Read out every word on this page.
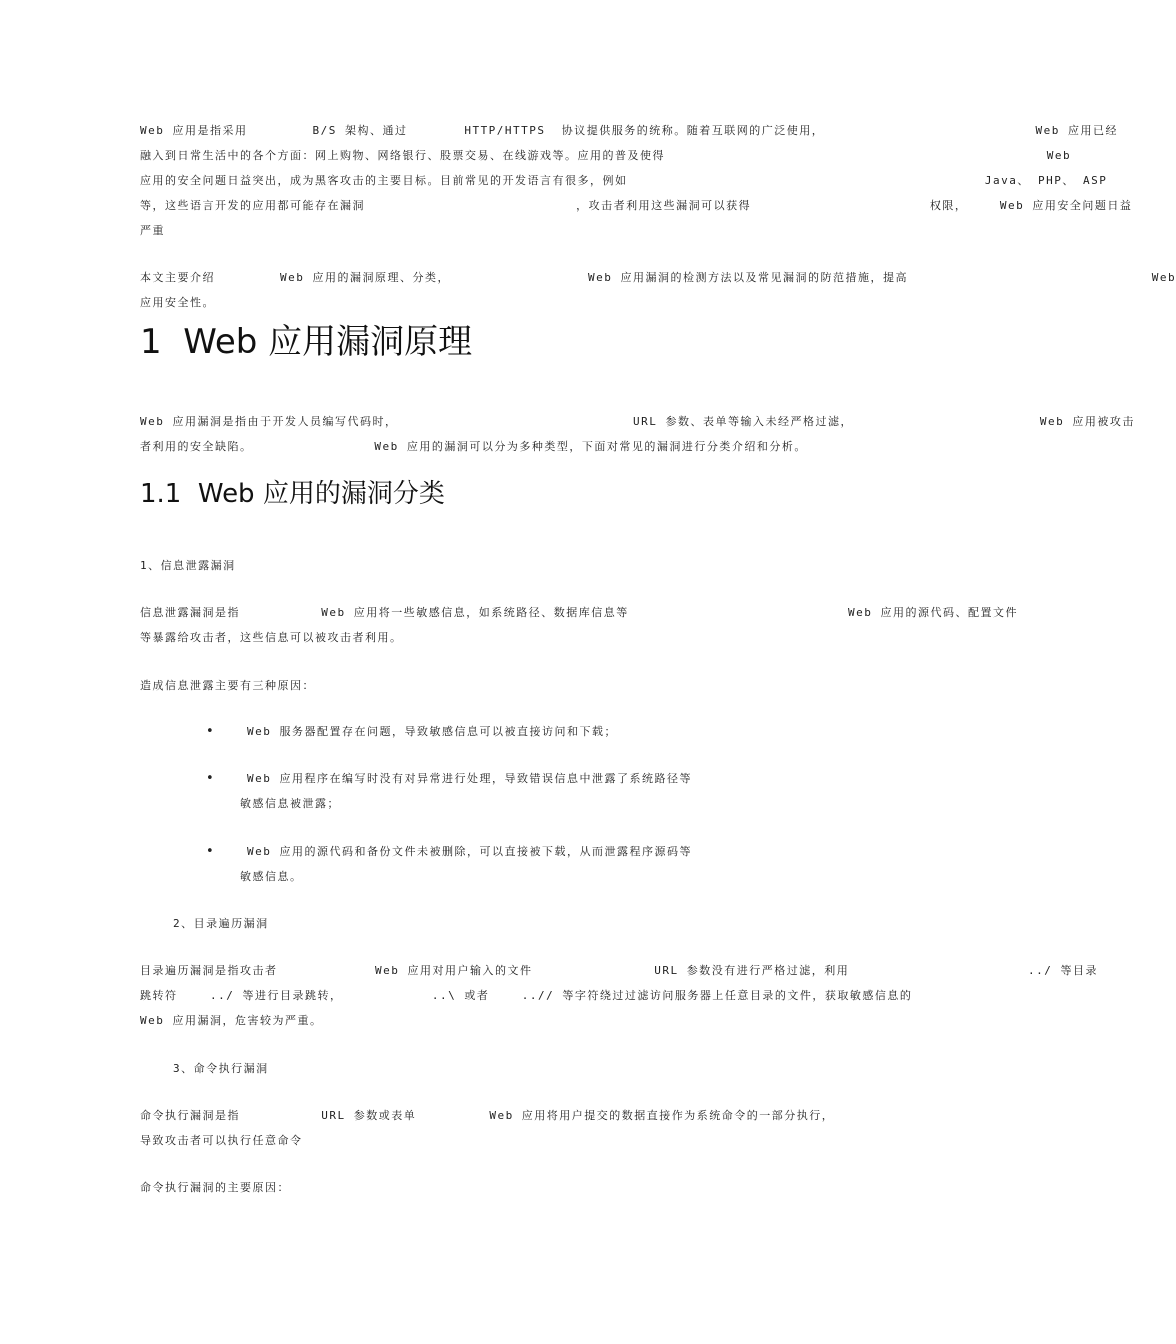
Web 应用是指采用        B/S 架构、通过       HTTP/HTTPS  协议提供服务的统称。随着互联网的广泛使用，                          Web 应用已经
融入到日常生活中的各个方面：网上购物、网络银行、股票交易、在线游戏等。应用的普及使得                                               Web
应用的安全问题日益突出，成为黑客攻击的主要目标。目前常见的开发语言有很多，例如                                            Java、 PHP、 ASP
等，这些语言开发的应用都可能存在漏洞                          ，攻击者利用这些漏洞可以获得                      权限，    Web 应用安全问题日益
严重
本文主要介绍        Web 应用的漏洞原理、分类，                 Web 应用漏洞的检测方法以及常见漏洞的防范措施，提高                              Web
应用安全性。
1  Web 应用漏洞原理
Web 应用漏洞是指由于开发人员编写代码时，                             URL 参数、表单等输入未经严格过滤，                       Web 应用被攻击
者利用的安全缺陷。               Web 应用的漏洞可以分为多种类型，下面对常见的漏洞进行分类介绍和分析。
1.1  Web 应用的漏洞分类
1、信息泄露漏洞
信息泄露漏洞是指          Web 应用将一些敏感信息，如系统路径、数据库信息等                           Web 应用的源代码、配置文件
等暴露给攻击者，这些信息可以被攻击者利用。
造成信息泄露主要有三种原因：
•	Web 服务器配置存在问题，导致敏感信息可以被直接访问和下载；
•	Web 应用程序在编写时没有对异常进行处理，导致错误信息中泄露了系统路径等
敏感信息被泄露；
•	Web 应用的源代码和备份文件未被删除，可以直接被下载，从而泄露程序源码等
敏感信息。
2、目录遍历漏洞
目录遍历漏洞是指攻击者            Web 应用对用户输入的文件               URL 参数没有进行严格过滤，利用                      ../ 等目录
跳转符    ../ 等进行目录跳转，           ..\ 或者    ..// 等字符绕过过滤访问服务器上任意目录的文件，获取敏感信息的
Web 应用漏洞，危害较为严重。
3、命令执行漏洞
命令执行漏洞是指          URL 参数或表单         Web 应用将用户提交的数据直接作为系统命令的一部分执行，
导致攻击者可以执行任意命令
命令执行漏洞的主要原因：
